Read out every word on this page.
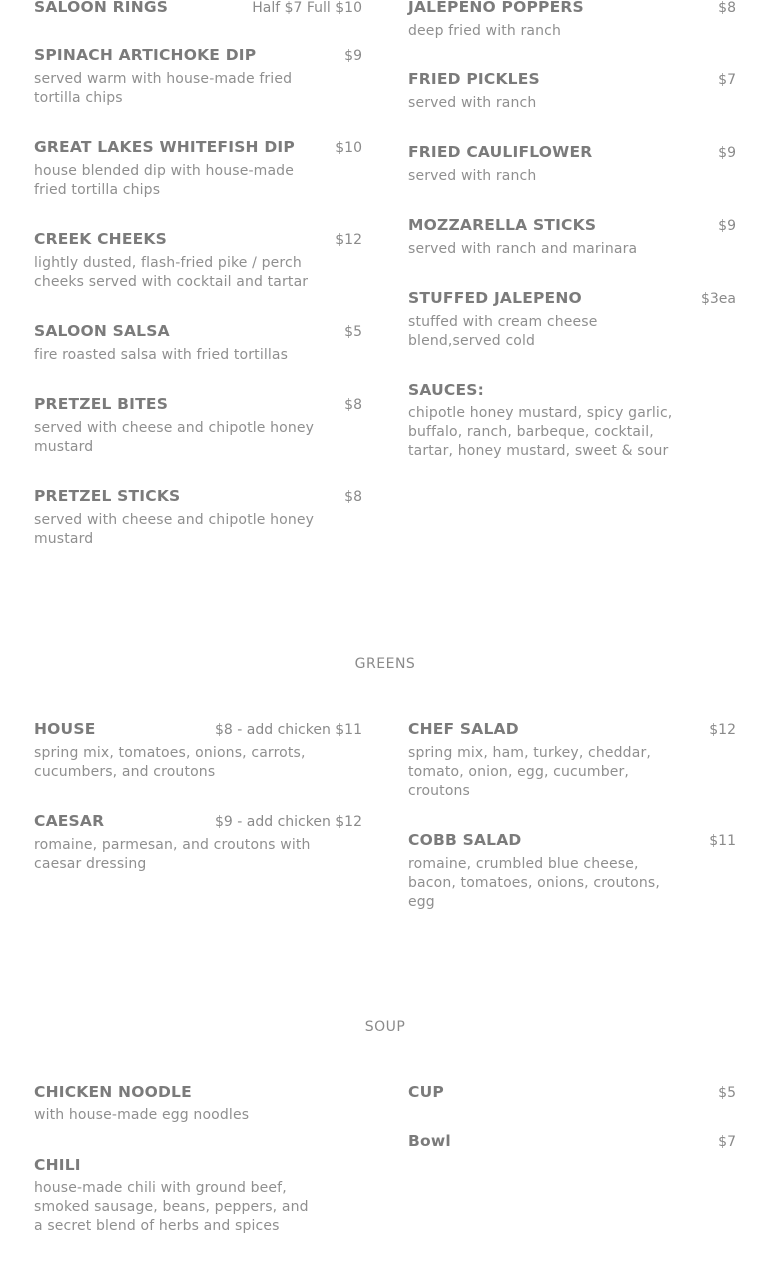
SALOON RINGS	Half $7 Full $10
SPINACH ARTICHOKE DIP	$9
served warm with house-made fried tortilla chips
GREAT LAKES WHITEFISH DIP	$10
house blended dip with house-made fried tortilla chips
CREEK CHEEKS	$12
lightly dusted, flash-fried pike / perch cheeks served with cocktail and tartar
SALOON SALSA	$5
fire roasted salsa with fried tortillas
PRETZEL BITES	$8
served with cheese and chipotle honey mustard
PRETZEL STICKS	$8
served with cheese and chipotle honey mustard
JALEPENO POPPERS	$8
deep fried with ranch
FRIED PICKLES	$7
served with ranch
FRIED CAULIFLOWER	$9
served with ranch
MOZZARELLA STICKS	$9
served with ranch and marinara
STUFFED JALEPENO	$3ea
stuffed with cream cheese blend,served cold
SAUCES:
chipotle honey mustard, spicy garlic, buffalo, ranch, barbeque, cocktail, tartar, honey mustard, sweet & sour
GREENS
HOUSE	$8 - add chicken $11
spring mix, tomatoes, onions, carrots, cucumbers, and croutons
CAESAR	$9 - add chicken $12
romaine, parmesan, and croutons with caesar dressing
CHEF SALAD	$12
spring mix, ham, turkey, cheddar, tomato, onion, egg, cucumber, croutons
COBB SALAD	$11
romaine, crumbled blue cheese, bacon, tomatoes, onions, croutons, egg
SOUP
CHICKEN NOODLE
with house-made egg noodles
CHILI
house-made chili with ground beef, smoked sausage, beans, peppers, and a secret blend of herbs and spices
CUP	$5
Bowl	$7
